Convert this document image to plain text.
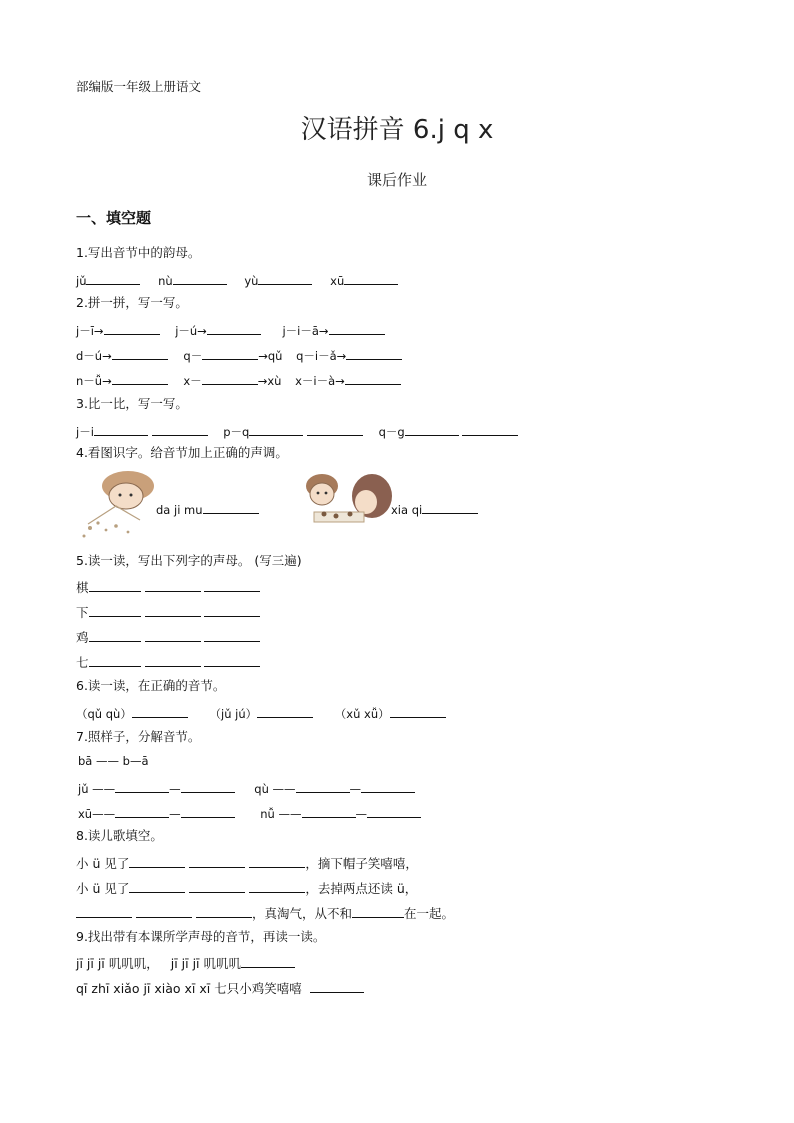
部编版一年级上册语文
汉语拼音 6.j q x
课后作业
一、填空题
1.写出音节中的韵母。
jǔ	nù	yù	xū
2.拼一拼，写一写。
j－ī→	j－ú→	j－i－ā→
d－ú→	q－	→qǔ q－i－ǎ→
n－ǚ→	x－	→xù x－i－à→
3.比一比，写一写。
j－i	p－q	q－g
4.看图识字。给音节加上正确的声调。
da ji mu	xia qi
5.读一读，写出下列字的声母。 (写三遍)
棋
下
鸡
七
6.读一读，在正确的音节。
（qǔ qù）	（jǔ jú）	（xǔ xǚ）
7.照样子，分解音节。
bā —— b—ā
jǔ ——	—	qù ——	—
xū——	—	nǚ ——	—
8.读儿歌填空。
小 ü 见了	，摘下帽子笑嘻嘻，
小 ü 见了	，去掉两点还读 ü，
，真淘气，从不和	在一起。
9.找出带有本课所学声母的音节，再读一读。
jī jī jī 叽叽叽， jī jī jī 叽叽叽
qī zhī xiǎo jī xiào xī xī 七只小鸡笑嘻嘻
